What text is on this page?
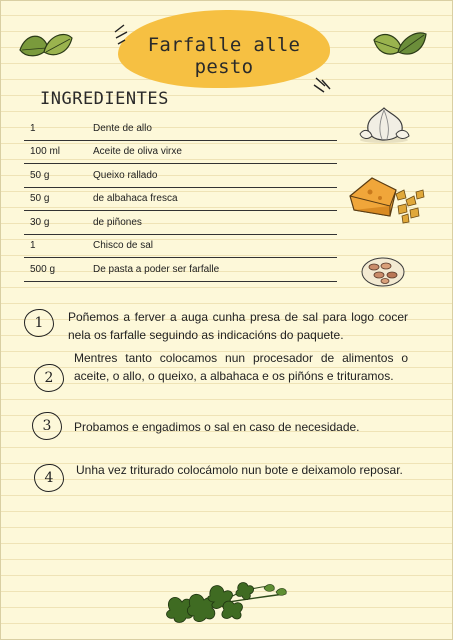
Farfalle alle pesto
INGREDIENTES
1	Dente de allo
100 ml	Aceite de oliva virxe
50 g	Queixo rallado
50 g	de albahaca fresca
30 g	de piñones
1	Chisco de sal
500 g	De pasta a poder ser farfalle
1	Poñemos a ferver a auga cunha presa de sal para logo cocer nela os farfalle seguindo as indicacións do paquete.
2
Mentres tanto colocamos nun procesador de alimentos o aceite, o allo, o queixo, a albahaca e os piñóns e trituramos.
3	Probamos e engadimos o sal en caso de necesidade.
4	Unha vez triturado colocámolo nun bote e deixamolo reposar.
